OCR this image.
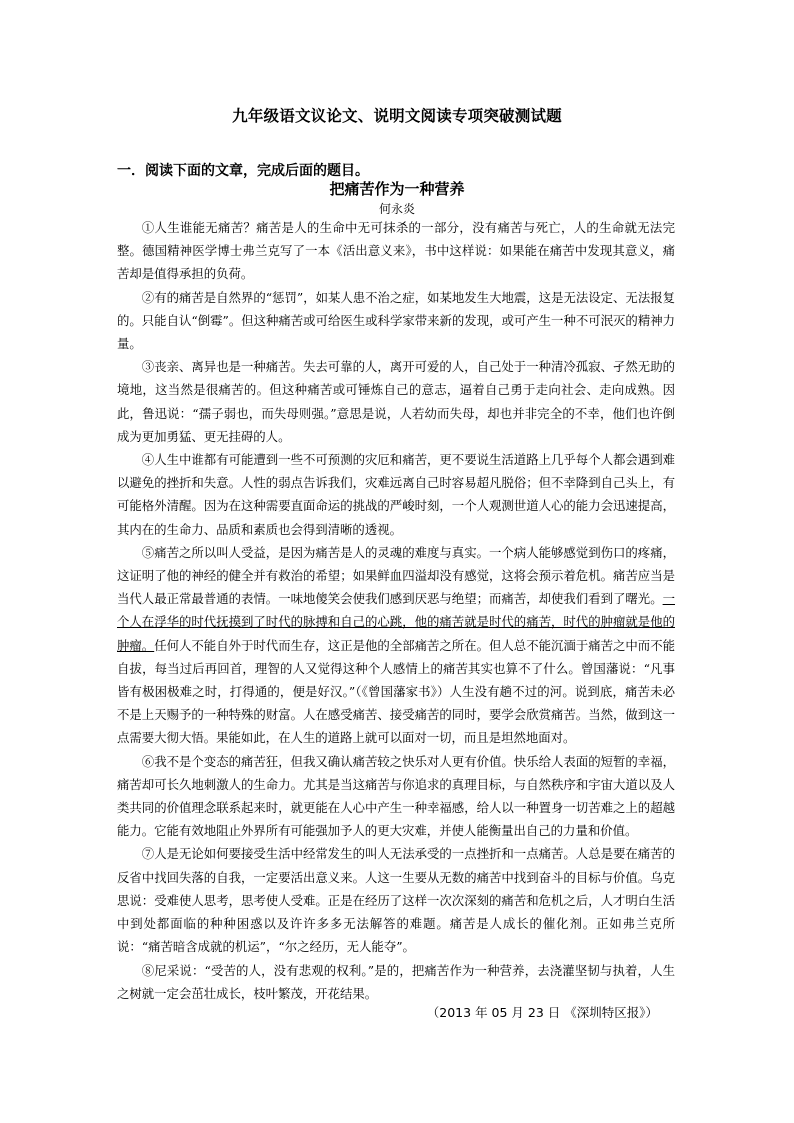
九年级语文议论文、说明文阅读专项突破测试题
一．阅读下面的文章，完成后面的题目。
把痛苦作为一种营养
何永炎

①人生谁能无痛苦？痛苦是人的生命中无可抹杀的一部分，没有痛苦与死亡，人的生命就无法完整。德国精神医学博士弗兰克写了一本《活出意义来》，书中这样说：如果能在痛苦中发现其意义，痛苦却是值得承担的负荷。

②有的痛苦是自然界的“惩罚”，如某人患不治之症，如某地发生大地震，这是无法设定、无法报复的。只能自认“倒霉”。但这种痛苦或可给医生或科学家带来新的发现，或可产生一种不可泯灭的精神力量。

③丧亲、离异也是一种痛苦。失去可靠的人，离开可爱的人，自己处于一种清冷孤寂、孑然无助的境地，这当然是很痛苦的。但这种痛苦或可锤炼自己的意志，逼着自己勇于走向社会、走向成熟。因此，鲁迅说：“孺子弱也，而失母则强。”意思是说，人若幼而失母，却也并非完全的不幸，他们也许倒成为更加勇猛、更无挂碍的人。

④人生中谁都有可能遭到一些不可预测的灾厄和痛苦，更不要说生活道路上几乎每个人都会遇到难以避免的挫折和失意。人性的弱点告诉我们，灾难远离自己时容易超凡脱俗；但不幸降到自己头上，有可能格外清醒。因为在这种需要直面命运的挑战的严峻时刻，一个人观测世道人心的能力会迅速提高，其内在的生命力、品质和素质也会得到清晰的透视。

⑤痛苦之所以叫人受益，是因为痛苦是人的灵魂的难度与真实。一个病人能够感觉到伤口的疼痛，这证明了他的神经的健全并有救治的希望；如果鲜血四溢却没有感觉，这将会预示着危机。痛苦应当是当代人最正常最普通的表情。一味地傻笑会使我们感到厌恶与绝望；而痛苦，却使我们看到了曙光。一个人在浮华的时代抚摸到了时代的脉搏和自己的心跳，他的痛苦就是时代的痛苦，时代的肿瘤就是他的肿瘤。任何人不能自外于时代而生存，这正是他的全部痛苦之所在。但人总不能沉湎于痛苦之中而不能自拔，每当过后再回首，理智的人又觉得这种个人感情上的痛苦其实也算不了什么。曾国藩说：“凡事皆有极困极难之时，打得通的，便是好汉。”（《曾国藩家书》）人生没有趟不过的河。说到底，痛苦未必不是上天赐予的一种特殊的财富。人在感受痛苦、接受痛苦的同时，要学会欣赏痛苦。当然，做到这一点需要大彻大悟。果能如此，在人生的道路上就可以面对一切，而且是坦然地面对。

⑥我不是个变态的痛苦狂，但我又确认痛苦较之快乐对人更有价值。快乐给人表面的短暂的幸福，痛苦却可长久地刺激人的生命力。尤其是当这痛苦与你追求的真理目标，与自然秩序和宇宙大道以及人类共同的价值理念联系起来时，就更能在人心中产生一种幸福感，给人以一种置身一切苦难之上的超越能力。它能有效地阻止外界所有可能强加予人的更大灾难，并使人能衡量出自己的力量和价值。

⑦人是无论如何要接受生活中经常发生的叫人无法承受的一点挫折和一点痛苦。人总是要在痛苦的反省中找回失落的自我，一定要活出意义来。人这一生要从无数的痛苦中找到奋斗的目标与价值。乌克思说：受难使人思考，思考使人受难。正是在经历了这样一次次深刻的痛苦和危机之后，人才明白生活中到处都面临的种种困惑以及许许多多无法解答的难题。痛苦是人成长的催化剂。正如弗兰克所说：“痛苦暗含成就的机运”，“尔之经历，无人能夺”。

⑧尼采说：“受苦的人，没有悲观的权利。”是的，把痛苦作为一种营养，去浇灌坚韧与执着，人生之树就一定会茁壮成长，枝叶繁茂，开花结果。

（2013 年 05 月 23 日 《深圳特区报》）
